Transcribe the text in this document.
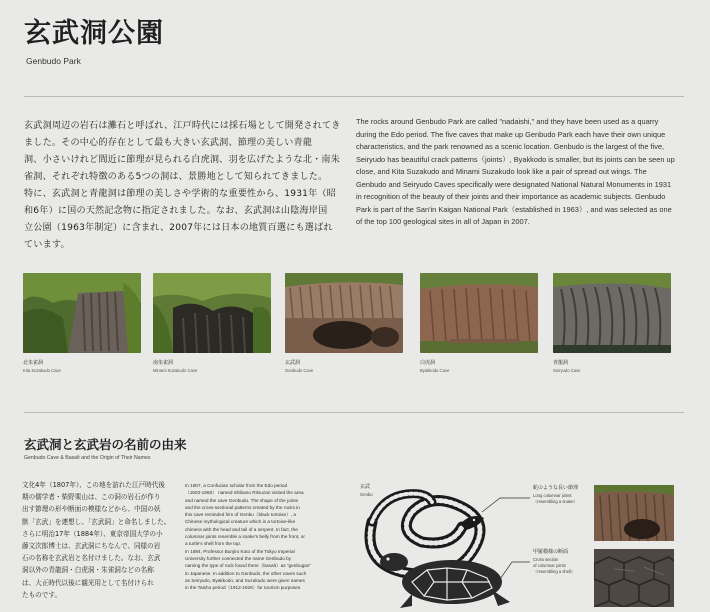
玄武洞公園
Genbudo Park
玄武洞周辺の岩石は灘石と呼ばれ、江戸時代には採石場として開発されてきました。その中心的存在として最も大きい玄武洞、節理の美しい青龍
洞、小さいけれど間近に節理が見られる白虎洞、羽を広げたような北・南朱
雀洞、それぞれ特徴のある5つの洞は、景勝地として知られてきました。
特に、玄武洞と青龍洞は節理の美しさや学術的な重要性から、1931年（昭
和6年）に国の天然記念物に指定されました。なお、玄武洞は山陰海岸国
立公園（1963年制定）に含まれ、2007年には日本の地質百選にも選ばれ
ています。
The rocks around Genbudo Park are called "nadaishi," and they have been used as a quarry during the Edo period. The five caves that make up Genbudo Park each have their own unique characteristics, and the park renowned as a scenic location. Genbudo is the largest of the five, Seiryudo has beautiful crack patterns（joints）, Byakkodo is smaller, but its joints can be seen up close, and Kita Suzakudo and Minami Suzakudo look like a pair of spread out wings. The Genbudo and Seiryudo Caves specifically were designated National Natural Monuments in 1931 in recognition of the beauty of their joints and their importance as academic subjects. Genbudo Park is part of the San'in Kaigan National Park（established in 1963）, and was selected as one of the top 100 geological sites in all of Japan in 2007.
北朱雀洞
Kita Suzakudo Cave
南朱雀洞
Minami Suzakudo Cave
玄武洞
Genbudo Cave
白虎洞
Byakkodo Cave
青龍洞
Seiryudo Cave
玄武洞と玄武岩の名前の由来
Genbudo Cave & Basalt and the Origin of Their Names
文化4年（1807年）、この地を訪れた江戸時代後
期の儒学者・柴野栗山は、この洞の岩石が作り
出す節理の形や断面の模様などから、中国の妖
獣「玄武」を連想し、「玄武洞」と命名しました。
さらに明治17年（1884年）、東京帝国大学の小
藤文次郎博士は、玄武洞にちなんで、同様の岩
石の名称を玄武岩と名付けました。なお、玄武
洞以外の青龍洞・白虎洞・朱雀洞などの名称
は、大正時代以後に観光用として名付けられ
たものです。
In 1807, a Confucian scholar from the Edo period
（1603-1868） named Shibano Ritsuzan visited the area
and named the cave Genbudo. The shape of the joints
and the cross-sectional patterns created by the rocks in
this cave reminded him of Genbu（black tortoise）, a
Chinese mythological creature which is a tortoise-like
chimera with the head and tail of a serpent. In fact, the
columnar joints resemble a snake's belly from the front, or
a turtle's shell from the top.
In 1884, Professor Bunjiro Koto of the Tokyo Imperial
University further connected the name Genbudo by
naming the type of rock found there（basalt）as "genbugan"
in Japanese. In addition to Genbudo, the other caves such
as Seiryudo, Byakkodo, and Suzakudo were given names
in the Taisho period（1912-1926）for tourism purposes.
玄武
Genbu
蛇のような長い節理
Long columnar joints
（resembling a snake）
甲羅模様の断面
Cross section
of columnar joints
（resembling a shell）
